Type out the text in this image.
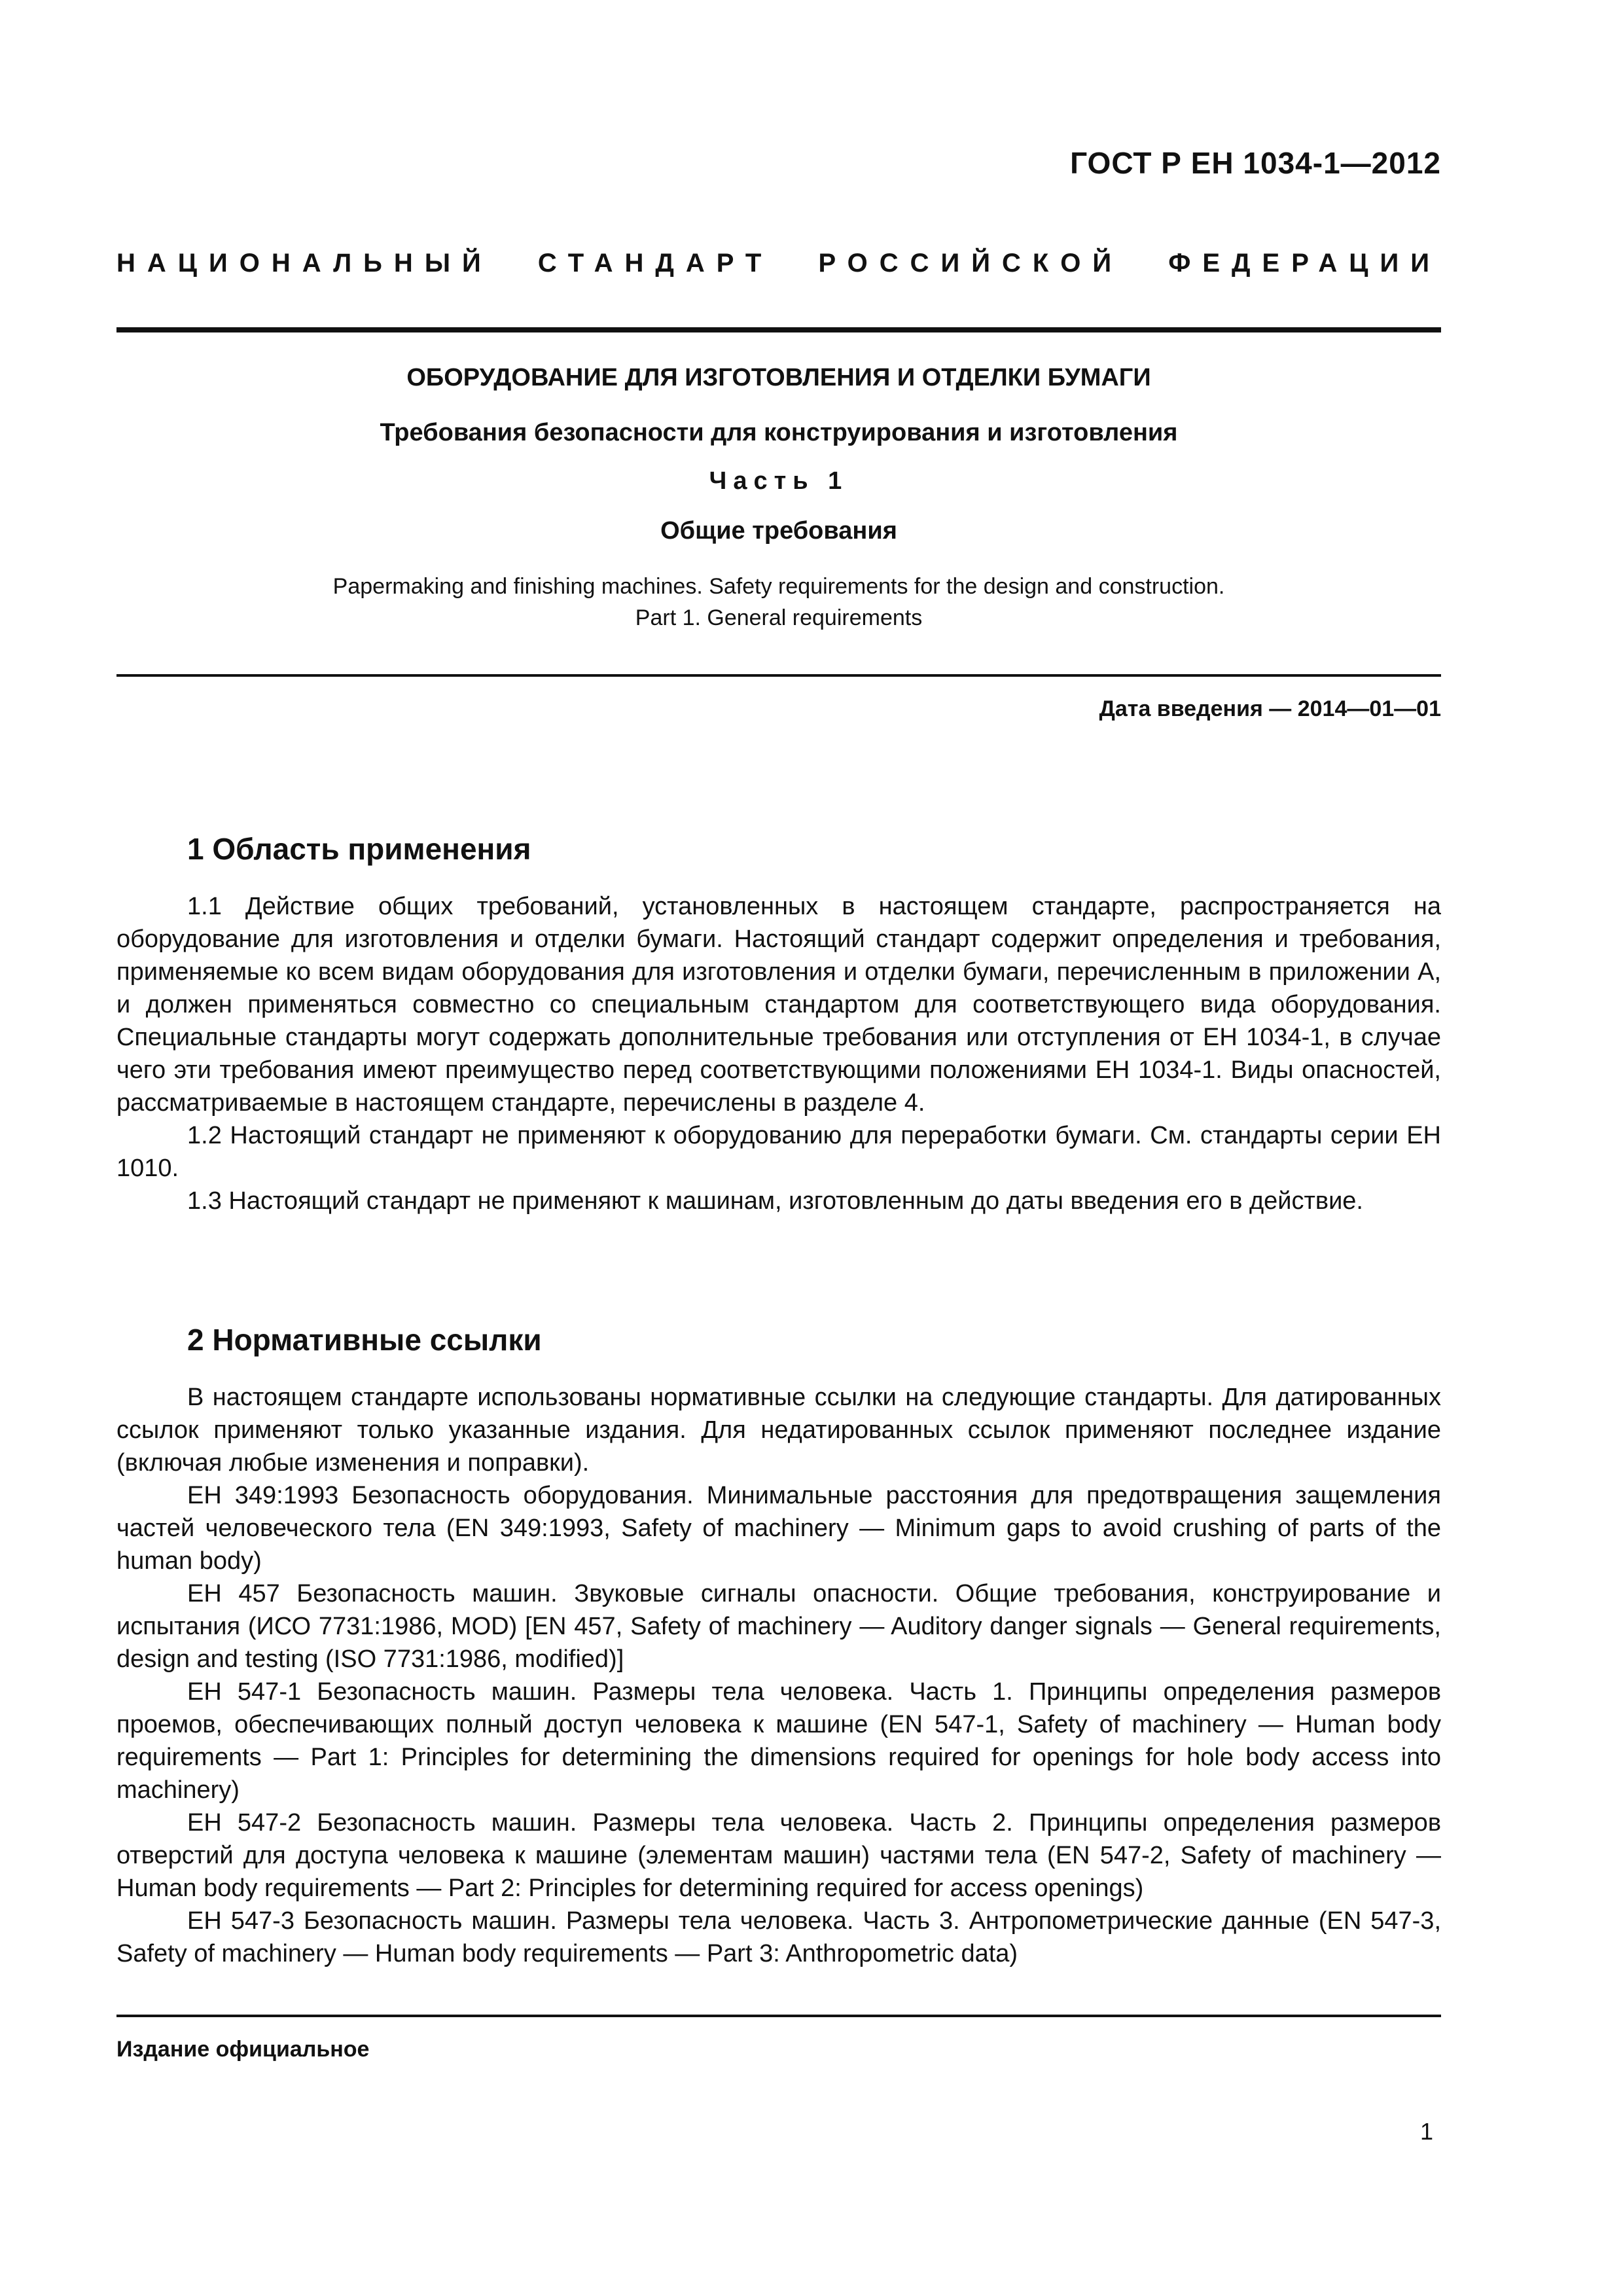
ГОСТ Р ЕН 1034-1—2012
НАЦИОНАЛЬНЫЙ СТАНДАРТ РОССИЙСКОЙ ФЕДЕРАЦИИ
ОБОРУДОВАНИЕ ДЛЯ ИЗГОТОВЛЕНИЯ И ОТДЕЛКИ БУМАГИ
Требования безопасности для конструирования и изготовления
Часть 1
Общие требования
Papermaking and finishing machines. Safety requirements for the design and construction.
Part 1. General requirements
Дата введения — 2014—01—01
1 Область применения

1.1 Действие общих требований, установленных в настоящем стандарте, распространяется на оборудование для изготовления и отделки бумаги. Настоящий стандарт содержит определения и требования, применяемые ко всем видам оборудования для изготовления и отделки бумаги, перечисленным в приложении А, и должен применяться совместно со специальным стандартом для соответствующего вида оборудования. Специальные стандарты могут содержать дополнительные требования или отступления от ЕН 1034-1, в случае чего эти требования имеют преимущество перед соответствующими положениями ЕН 1034-1. Виды опасностей, рассматриваемые в настоящем стандарте, перечислены в разделе 4.

1.2 Настоящий стандарт не применяют к оборудованию для переработки бумаги. См. стандарты серии ЕН 1010.

1.3 Настоящий стандарт не применяют к машинам, изготовленным до даты введения его в действие.

2 Нормативные ссылки

В настоящем стандарте использованы нормативные ссылки на следующие стандарты. Для датированных ссылок применяют только указанные издания. Для недатированных ссылок применяют последнее издание (включая любые изменения и поправки).

ЕН 349:1993 Безопасность оборудования. Минимальные расстояния для предотвращения защемления частей человеческого тела (EN 349:1993, Safety of machinery — Minimum gaps to avoid crushing of parts of the human body)

ЕН 457 Безопасность машин. Звуковые сигналы опасности. Общие требования, конструирование и испытания (ИСО 7731:1986, MOD) [EN 457, Safety of machinery — Auditory danger signals — General requirements, design and testing (ISO 7731:1986, modified)]

ЕН 547-1 Безопасность машин. Размеры тела человека. Часть 1. Принципы определения размеров проемов, обеспечивающих полный доступ человека к машине (EN 547-1, Safety of machinery — Human body requirements — Part 1: Principles for determining the dimensions required for openings for hole body access into machinery)

ЕН 547-2 Безопасность машин. Размеры тела человека. Часть 2. Принципы определения размеров отверстий для доступа человека к машине (элементам машин) частями тела (EN 547-2, Safety of machinery — Human body requirements — Part 2: Principles for determining required for access openings)

ЕН 547-3 Безопасность машин. Размеры тела человека. Часть 3. Антропометрические данные (EN 547-3, Safety of machinery — Human body requirements — Part 3: Anthropometric data)

Издание официальное
1
